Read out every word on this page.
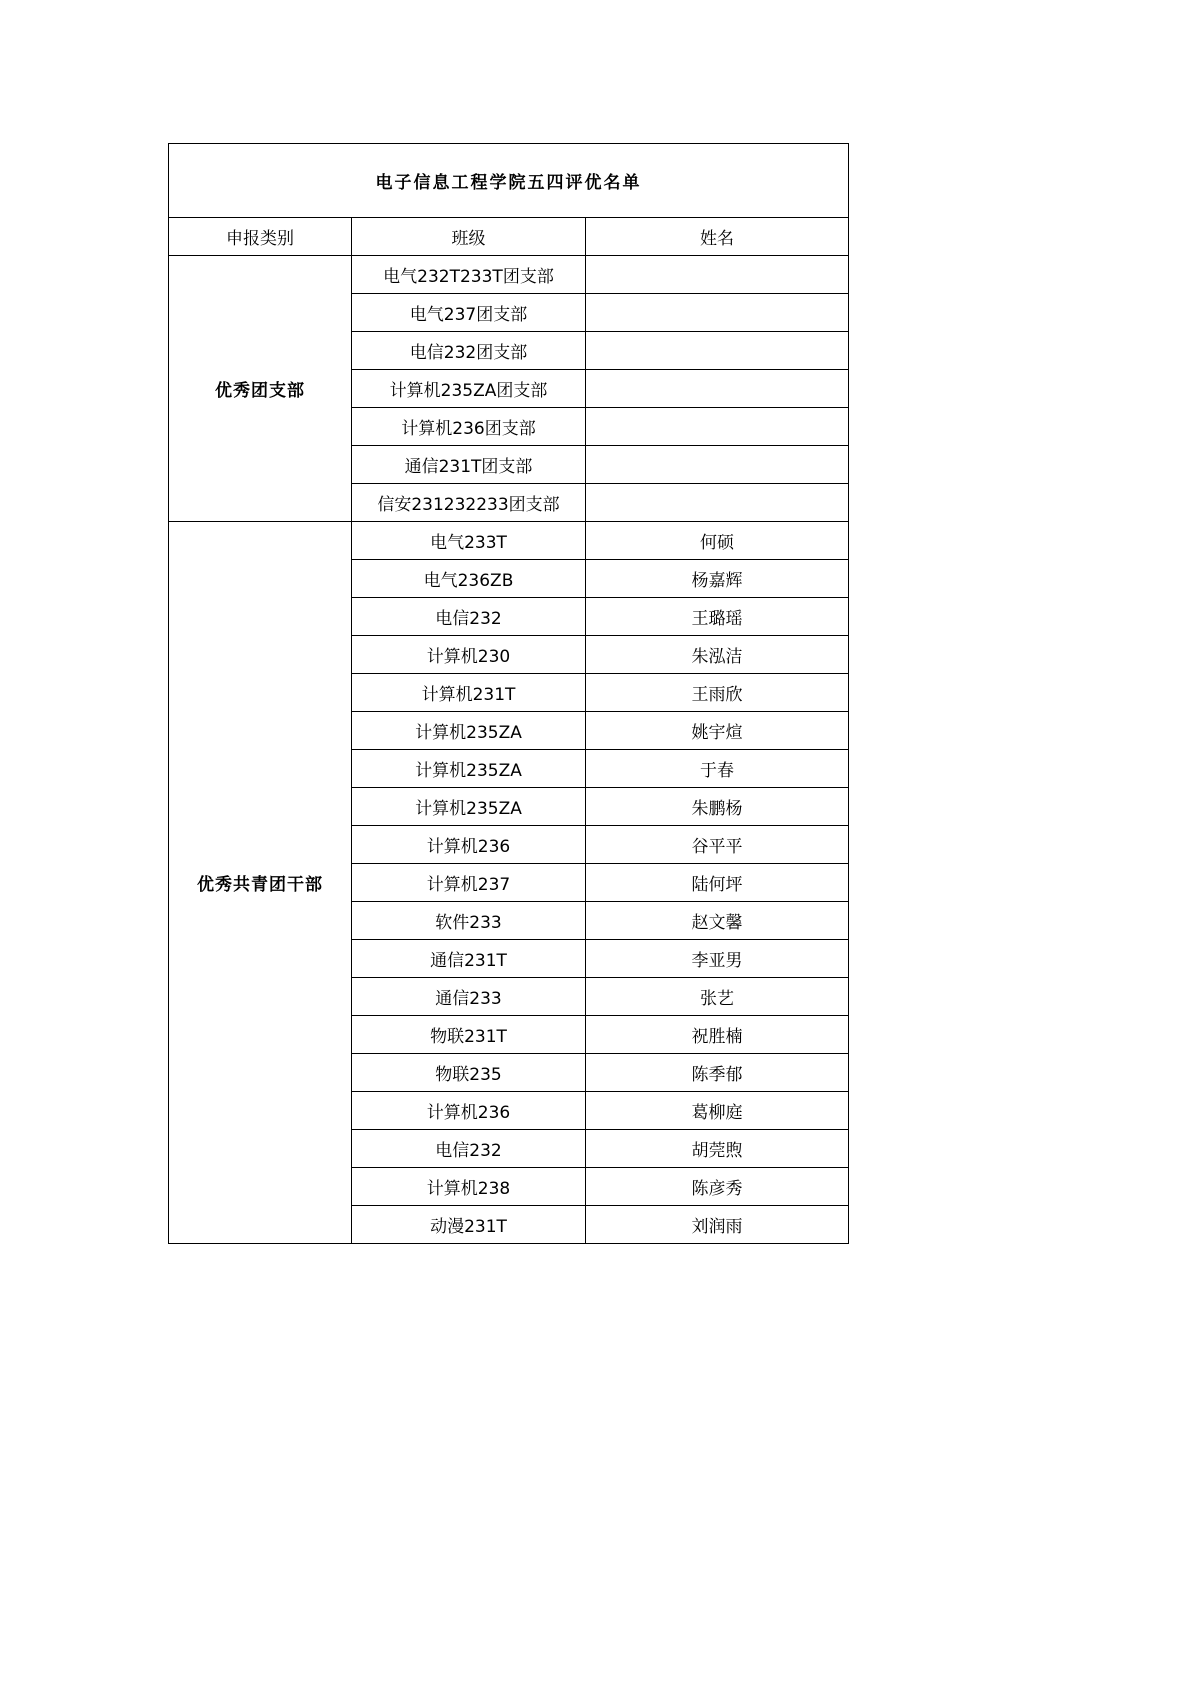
电子信息工程学院五四评优名单		
申报类别	班级	姓名
优秀团支部	电气232T233T团支部	
	电气237团支部	
	电信232团支部	
	计算机235ZA团支部	
	计算机236团支部	
	通信231T团支部	
	信安231232233团支部	
优秀共青团干部	电气233T	何硕
	电气236ZB	杨嘉辉
	电信232	王璐瑶
	计算机230	朱泓洁
	计算机231T	王雨欣
	计算机235ZA	姚宇煊
	计算机235ZA	于春
	计算机235ZA	朱鹏杨
	计算机236	谷平平
	计算机237	陆何坪
	软件233	赵文馨
	通信231T	李亚男
	通信233	张艺
	物联231T	祝胜楠
	物联235	陈季郁
	计算机236	葛柳庭
	电信232	胡莞煦
	计算机238	陈彦秀
	动漫231T	刘润雨
